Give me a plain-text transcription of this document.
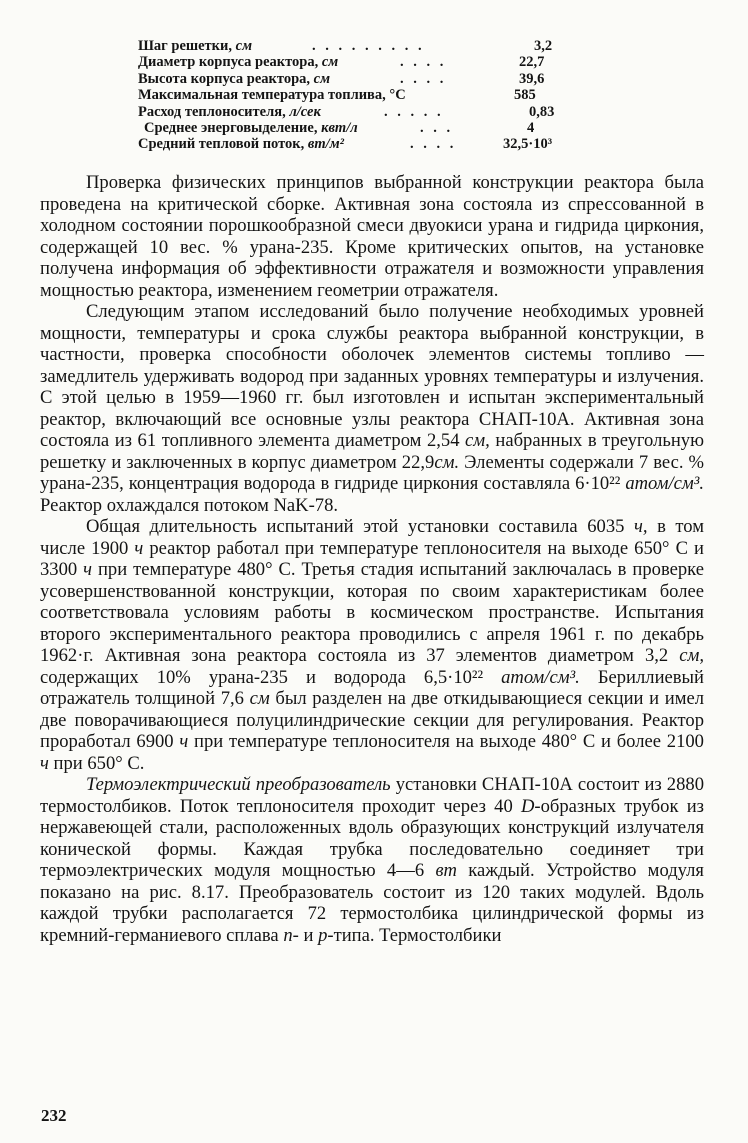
Шаг решетки, см	. . . . . . . . .	3,2
Диаметр корпуса реактора, см	. . . .	22,7
Высота корпуса реактора, см	. . . .	39,6
Максимальная температура топлива, °С	585
Расход теплоносителя, л/сек	. . . . .	0,83
Среднее энерговыделение, квт/л	. . .	4
Средний тепловой поток, вт/м²	. . . .	32,5·10³

Проверка физических принципов выбранной конструкции реактора была проведена на критической сборке. Активная зона состояла из спрессованной в холодном состоянии порошкообразной смеси двуокиси урана и гидрида циркония, содержащей 10 вес. % урана-235. Кроме критических опытов, на установке получена информация об эффективности отражателя и возможности управления мощностью реактора, изменением геометрии отражателя.

Следующим этапом исследований было получение необходимых уровней мощности, температуры и срока службы реактора выбранной конструкции, в частности, проверка способности оболочек элементов системы топливо — замедлитель удерживать водород при заданных уровнях температуры и излучения. С этой целью в 1959—1960 гг. был изготовлен и испытан экспериментальный реактор, включающий все основные узлы реактора СНАП-10А. Активная зона состояла из 61 топливного элемента диаметром 2,54 см, набранных в треугольную решетку и заключенных в корпус диаметром 22,9см. Элементы содержали 7 вес. % урана-235, концентрация водорода в гидриде циркония составляла 6·10²² атом/см³. Реактор охлаждался потоком NaK-78.

Общая длительность испытаний этой установки составила 6035 ч, в том числе 1900 ч реактор работал при температуре теплоносителя на выходе 650° С и 3300 ч при температуре 480° С. Третья стадия испытаний заключалась в проверке усовершенствованной конструкции, которая по своим характеристикам более соответствовала условиям работы в космическом пространстве. Испытания второго экспериментального реактора проводились с апреля 1961 г. по декабрь 1962·г. Активная зона реактора состояла из 37 элементов диаметром 3,2 см, содержащих 10% урана-235 и водорода 6,5·10²² атом/см³. Бериллиевый отражатель толщиной 7,6 см был разделен на две откидывающиеся секции и имел две поворачивающиеся полуцилиндрические секции для регулирования. Реактор проработал 6900 ч при температуре теплоносителя на выходе 480° С и более 2100 ч при 650° С.

Термоэлектрический преобразователь установки СНАП-10А состоит из 2880 термостолбиков. Поток теплоносителя проходит через 40 D-образных трубок из нержавеющей стали, расположенных вдоль образующих конструкций излучателя конической формы. Каждая трубка последовательно соединяет три термоэлектрических модуля мощностью 4—6 вт каждый. Устройство модуля показано на рис. 8.17. Преобразователь состоит из 120 таких модулей. Вдоль каждой трубки располагается 72 термостолбика цилиндрической формы из кремний-германиевого сплава n- и p-типа. Термостолбики

232
